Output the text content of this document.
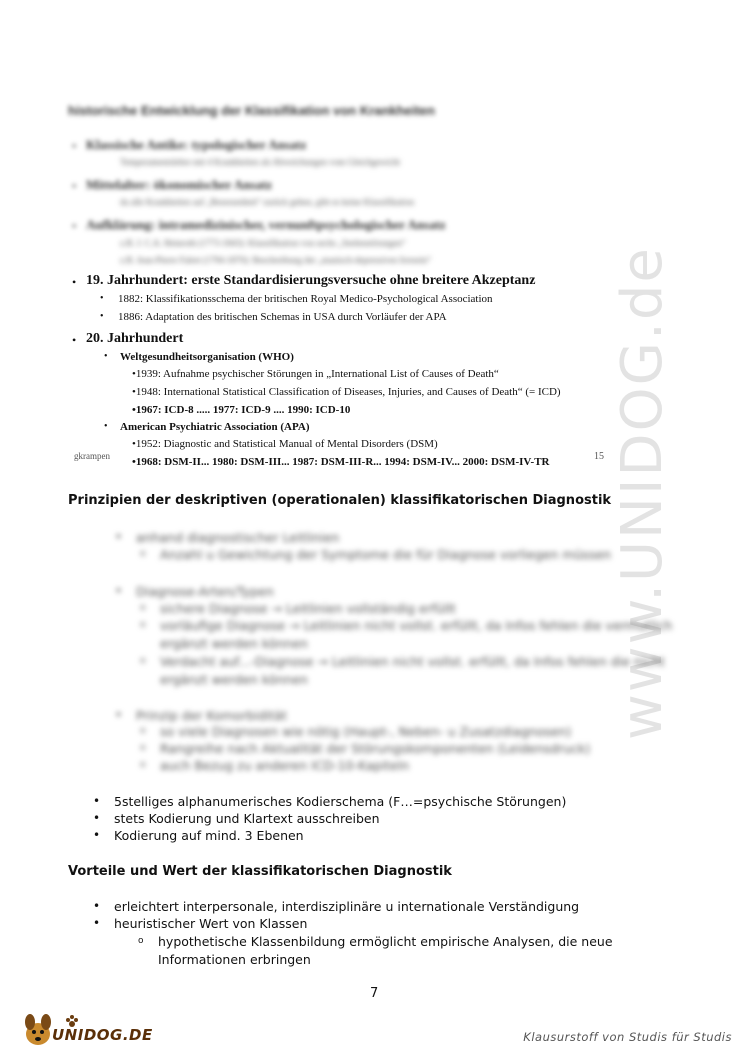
www.UNIDOG.de
historische Entwicklung der Klassifikation von Krankheiten
• Klassische Antike: typologischer Ansatz
Temperamentslehre mit 4 Krankheiten als Abweichungen vom Gleichgewicht
• Mittelalter: ökonomischer Ansatz
da alle Krankheiten auf „Besessenheit“ zurück gehen, gibt es keine Klassifikation
• Aufklärung: intramedizinischer, vernunftpsychologischer Ansatz
z.B. J. C.A. Heinroth (1773-1843): Klassifikation von sechs „Seelenstörungen“
z.B. Jean-Pierre Falret (1794-1870): Beschreibung der „manisch-depressiven Irresein“
• 19. Jahrhundert: erste Standardisierungsversuche ohne breitere Akzeptanz
• 1882: Klassifikationsschema der britischen Royal Medico-Psychological Association
• 1886: Adaptation des britischen Schemas in USA durch Vorläufer der APA
• 20. Jahrhundert
• Weltgesundheitsorganisation (WHO)
•1939: Aufnahme psychischer Störungen in „International List of Causes of Death“
•1948: International Statistical Classification of Diseases, Injuries, and Causes of Death“ (= ICD)
•1967: ICD-8 ..... 1977: ICD-9 .... 1990: ICD-10
• American Psychiatric Association (APA)
•1952: Diagnostic and Statistical Manual of Mental Disorders (DSM)
•1968: DSM-II... 1980: DSM-III... 1987: DSM-III-R... 1994: DSM-IV... 2000: DSM-IV-TR
gkrampen	15
Prinzipien der deskriptiven (operationalen) klassifikatorischen Diagnostik
• anhand diagnostischer Leitlinien
o Anzahl u Gewichtung der Symptome die für Diagnose vorliegen müssen
• Diagnose-Arten/Typen
o sichere Diagnose → Leitlinien vollständig erfüllt
o vorläufige Diagnose → Leitlinien nicht vollst. erfüllt, da Infos fehlen die vermutlich
ergänzt werden können
o Verdacht auf...-Diagnose → Leitlinien nicht vollst. erfüllt, da Infos fehlen die nicht
ergänzt werden können
• Prinzip der Komorbidität
o so viele Diagnosen wie nötig (Haupt-, Neben- u Zusatzdiagnosen)
o Rangreihe nach Aktualität der Störungskomponenten (Leidensdruck)
o auch Bezug zu anderen ICD-10-Kapiteln
• 5stelliges alphanumerisches Kodierschema (F…=psychische Störungen)
• stets Kodierung und Klartext ausschreiben
• Kodierung auf mind. 3 Ebenen
Vorteile und Wert der klassifikatorischen Diagnostik
• erleichtert interpersonale, interdisziplinäre u internationale Verständigung
• heuristischer Wert von Klassen
o hypothetische Klassenbildung ermöglicht empirische Analysen, die neue
Informationen erbringen
7
UNIDOG.DE	Klausurstoff von Studis für Studis
